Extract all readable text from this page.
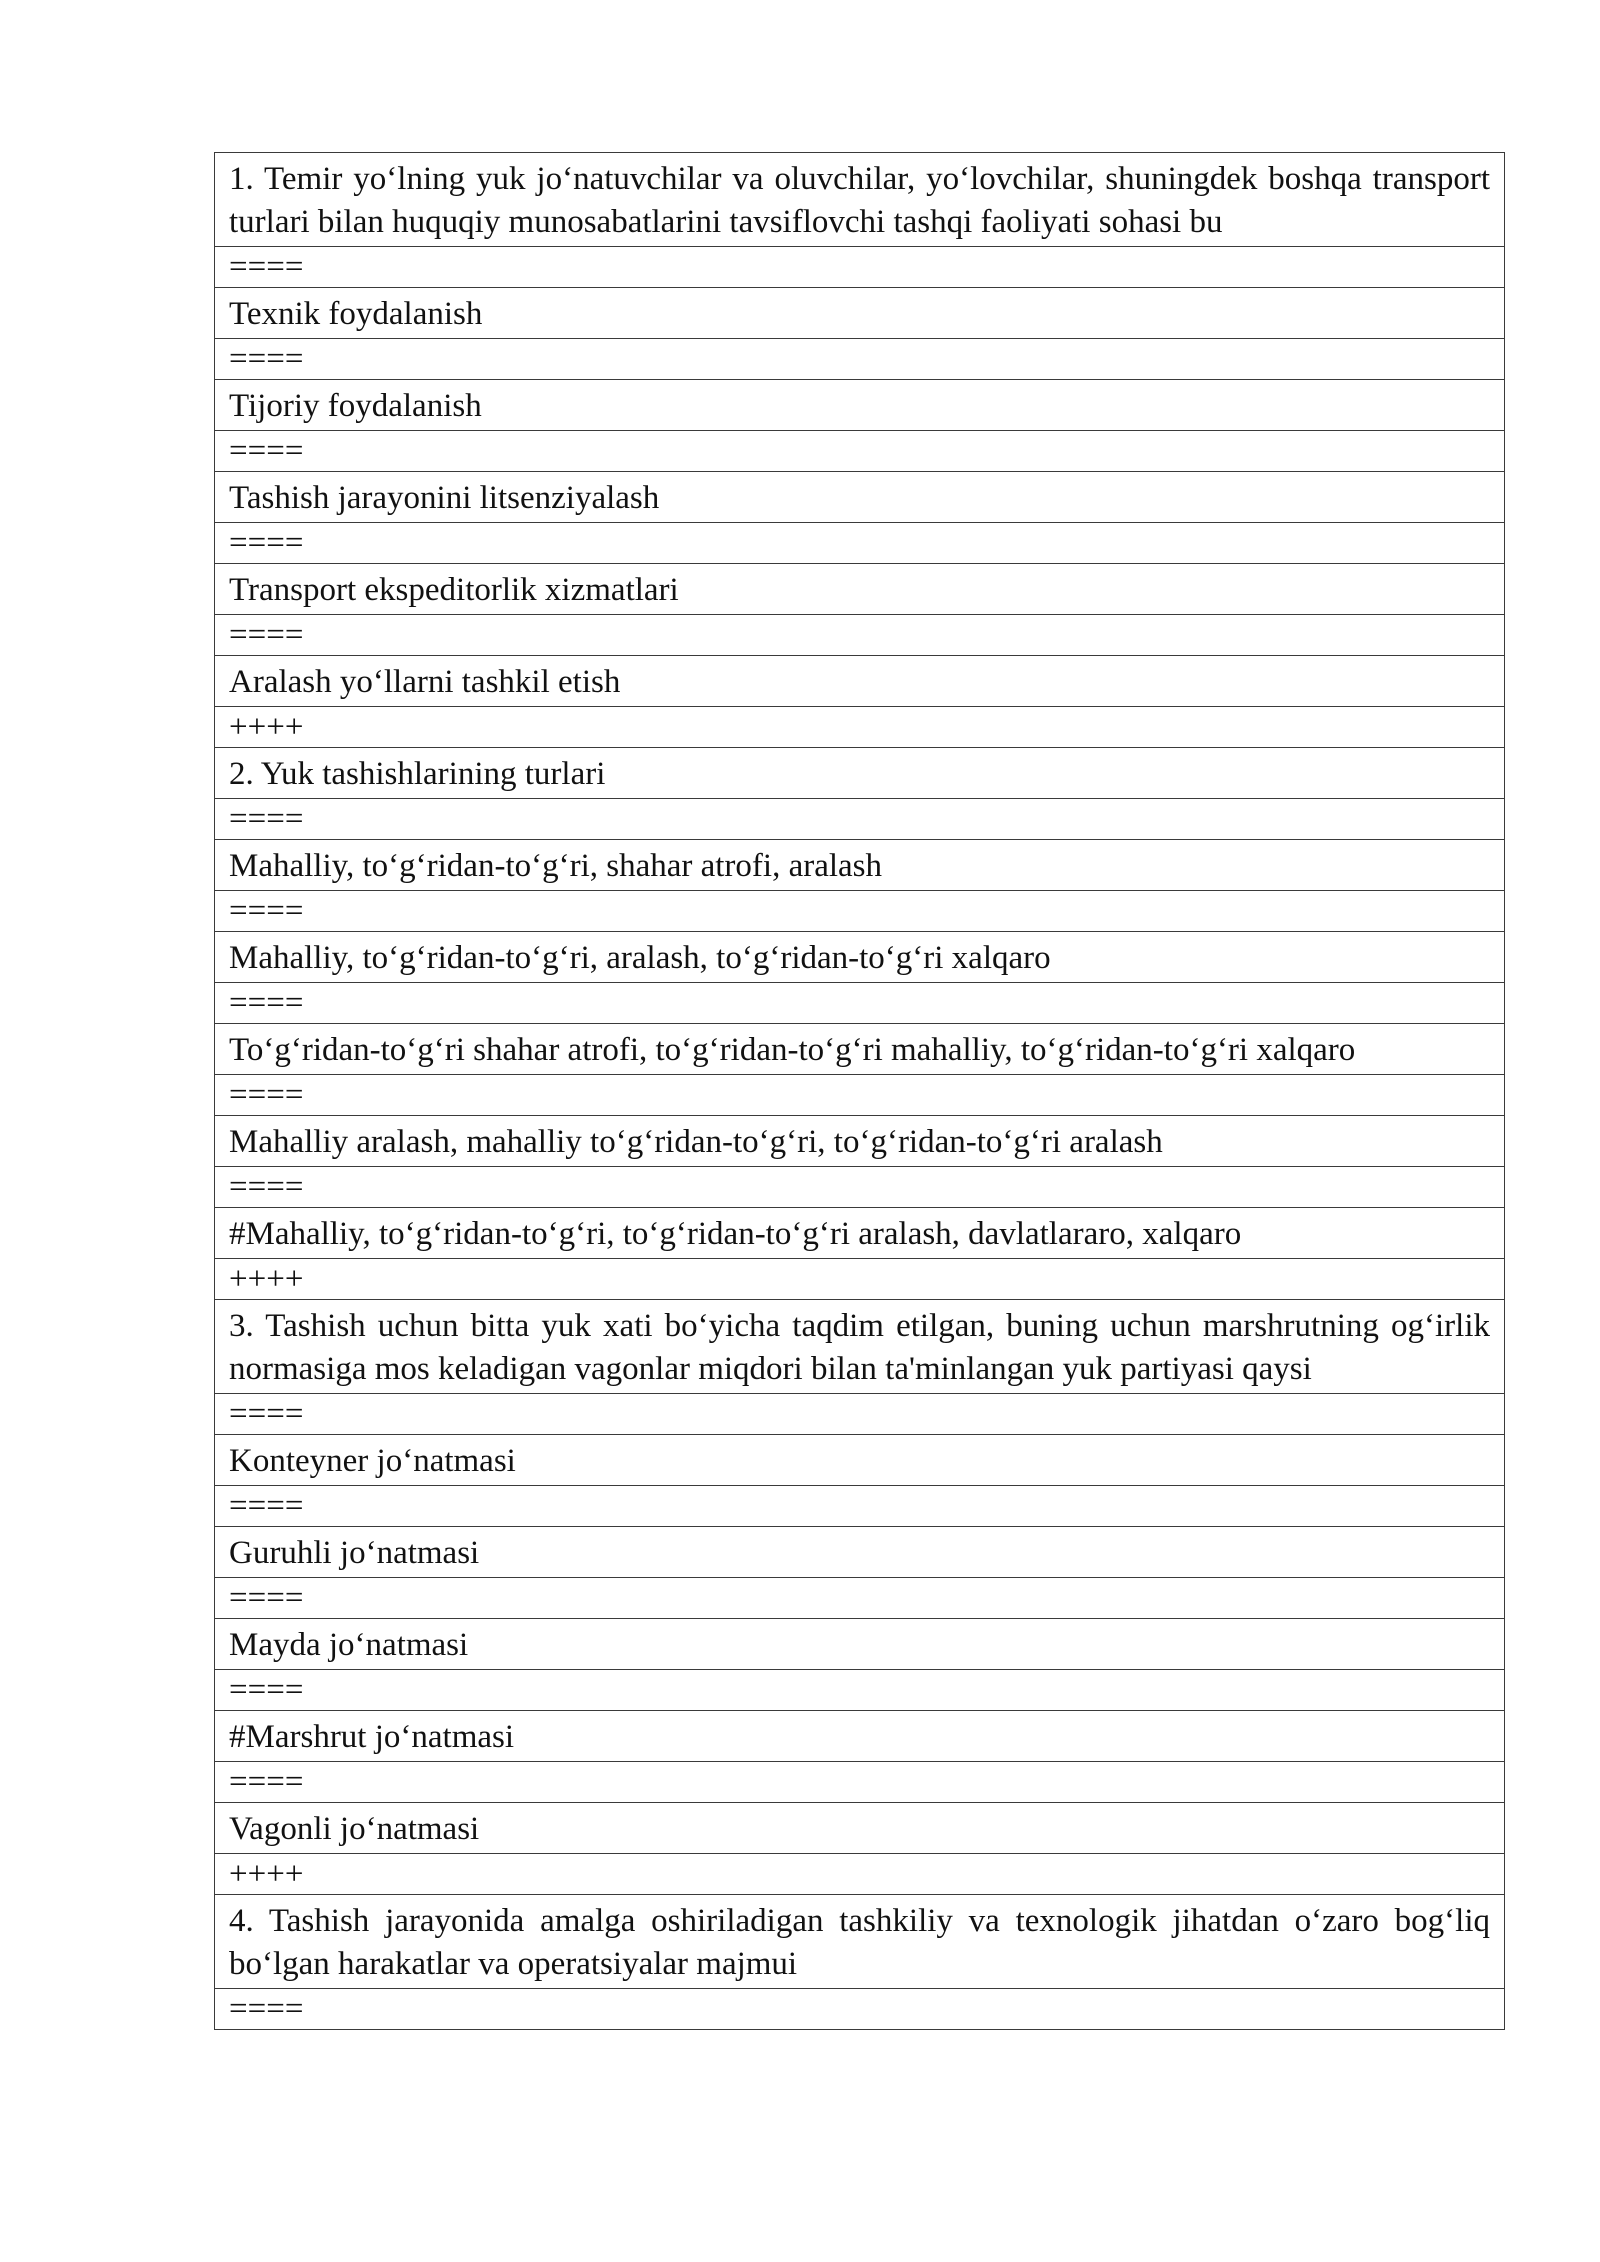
1. Temir yo‘lning yuk jo‘natuvchilar va oluvchilar, yo‘lovchilar, shuningdek boshqa transport turlari bilan huquqiy munosabatlarini tavsiflovchi tashqi faoliyati sohasi bu
====
Texnik foydalanish
====
Tijoriy foydalanish
====
Tashish jarayonini litsenziyalash
====
Transport ekspeditorlik xizmatlari
====
Aralash yo‘llarni tashkil etish
++++
2. Yuk tashishlarining turlari
====
Mahalliy, to‘g‘ridan-to‘g‘ri, shahar atrofi, aralash
====
Mahalliy, to‘g‘ridan-to‘g‘ri, aralash, to‘g‘ridan-to‘g‘ri xalqaro
====
To‘g‘ridan-to‘g‘ri shahar atrofi, to‘g‘ridan-to‘g‘ri mahalliy, to‘g‘ridan-to‘g‘ri xalqaro
====
Mahalliy aralash, mahalliy to‘g‘ridan-to‘g‘ri, to‘g‘ridan-to‘g‘ri aralash
====
#Mahalliy, to‘g‘ridan-to‘g‘ri, to‘g‘ridan-to‘g‘ri aralash, davlatlararo, xalqaro
++++
3. Tashish uchun bitta yuk xati bo‘yicha taqdim etilgan, buning uchun marshrutning og‘irlik normasiga mos keladigan vagonlar miqdori bilan ta'minlangan yuk partiyasi qaysi
====
Konteyner jo‘natmasi
====
Guruhli jo‘natmasi
====
Mayda jo‘natmasi
====
#Marshrut jo‘natmasi
====
Vagonli jo‘natmasi
++++
4. Tashish jarayonida amalga oshiriladigan tashkiliy va texnologik jihatdan o‘zaro bog‘liq bo‘lgan harakatlar va operatsiyalar majmui
====
